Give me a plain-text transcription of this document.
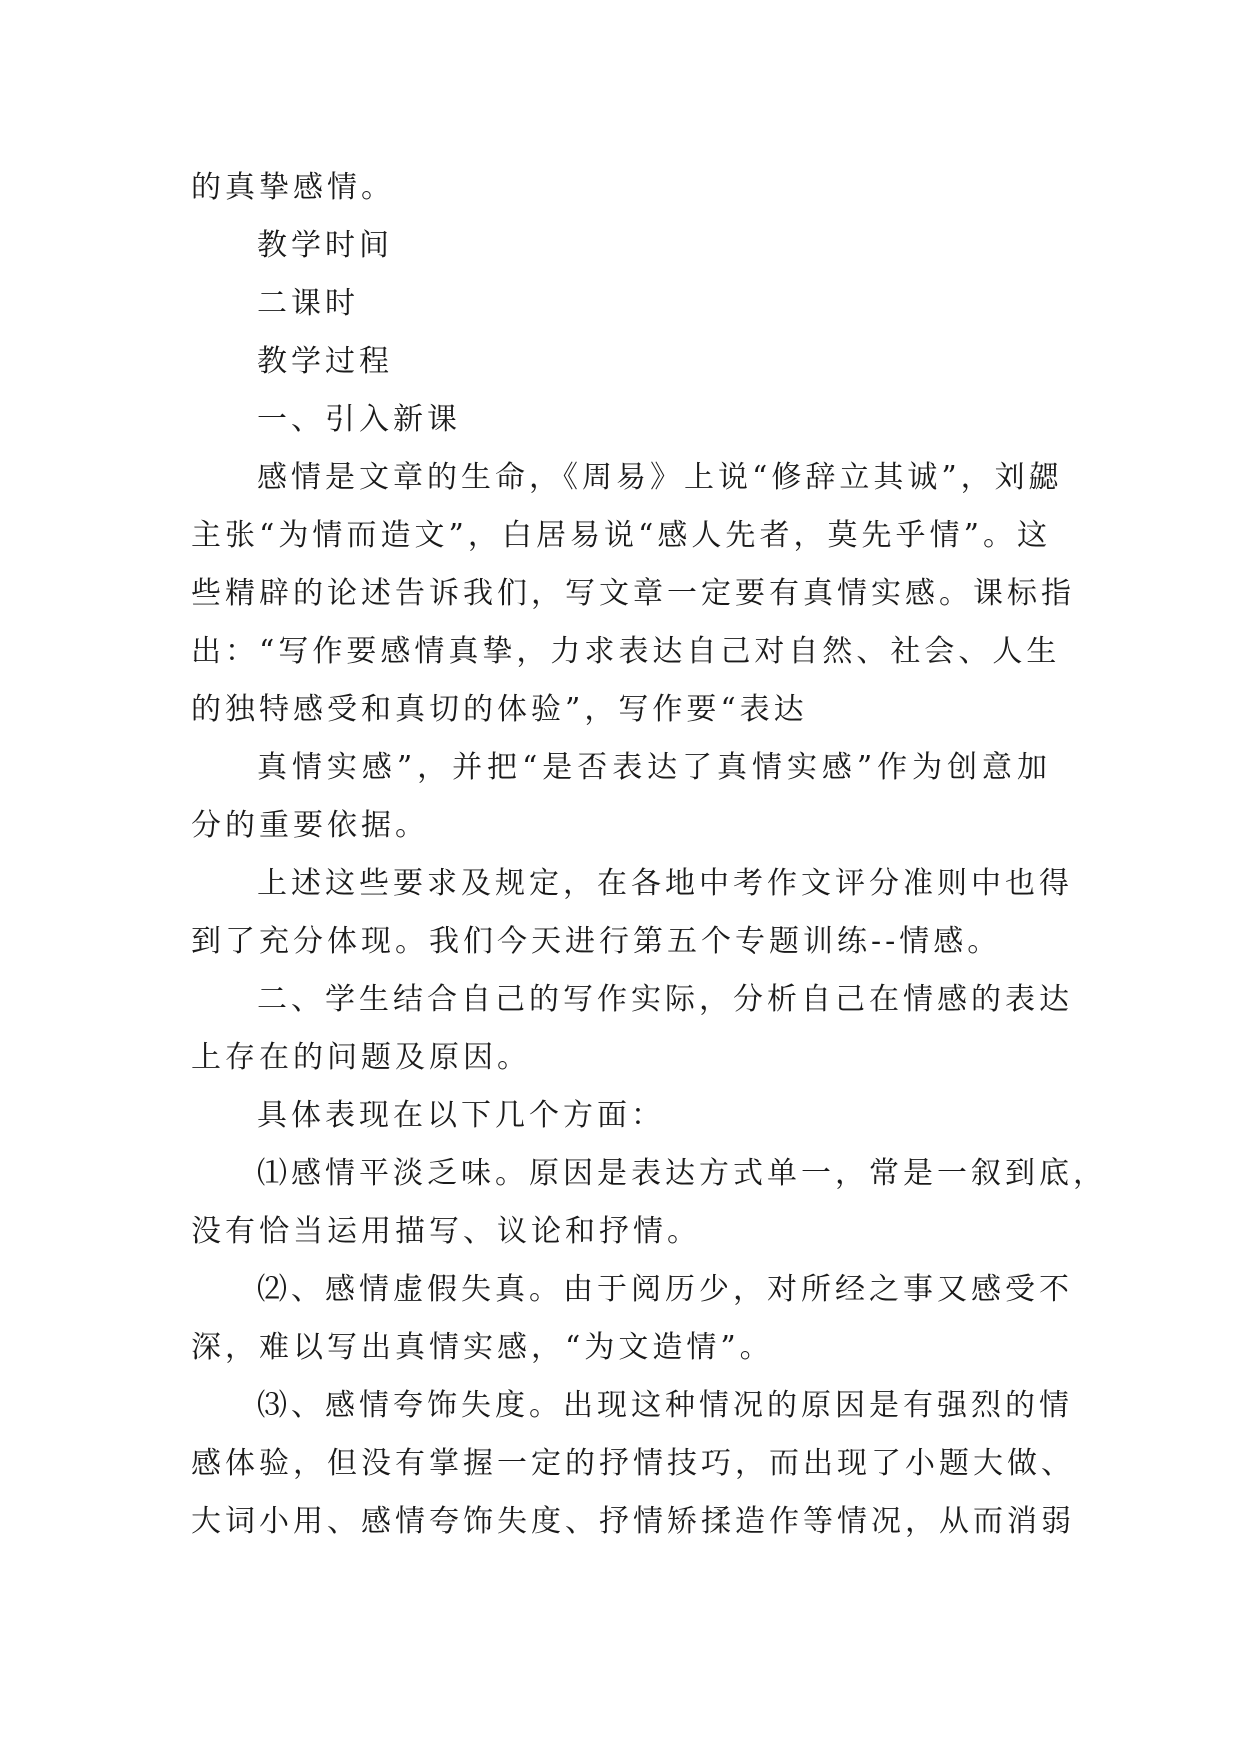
的真挚感情。
教学时间
二课时
教学过程
一、引入新课
感情是文章的生命，《周易》上说“修辞立其诚”，刘勰
主张“为情而造文”，白居易说“感人先者，莫先乎情”。这
些精辟的论述告诉我们，写文章一定要有真情实感。课标指
出：“写作要感情真挚，力求表达自己对自然、社会、人生
的独特感受和真切的体验”，写作要“表达
真情实感”，并把“是否表达了真情实感”作为创意加
分的重要依据。
上述这些要求及规定，在各地中考作文评分准则中也得
到了充分体现。我们今天进行第五个专题训练--情感。
二、学生结合自己的写作实际，分析自己在情感的表达
上存在的问题及原因。
具体表现在以下几个方面：
⑴感情平淡乏味。原因是表达方式单一，常是一叙到底，
没有恰当运用描写、议论和抒情。
⑵、感情虚假失真。由于阅历少，对所经之事又感受不
深，难以写出真情实感，“为文造情”。
⑶、感情夸饰失度。出现这种情况的原因是有强烈的情
感体验，但没有掌握一定的抒情技巧，而出现了小题大做、
大词小用、感情夸饰失度、抒情矫揉造作等情况，从而消弱
